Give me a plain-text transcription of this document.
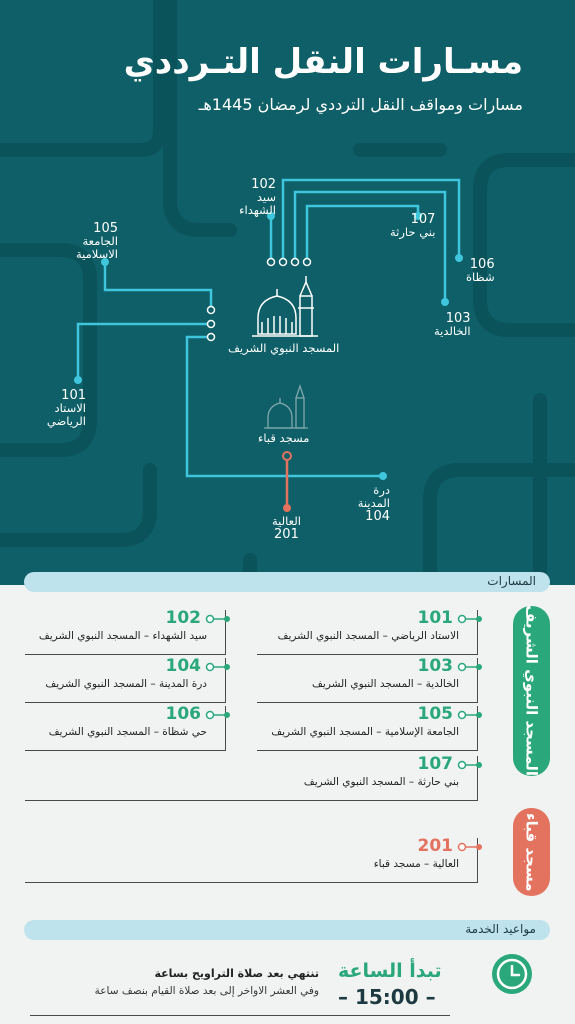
مسـارات النقل التـرددي
مسارات ومواقف النقل الترددي لرمضان 1445هـ
102
سيد الشهداء
107
بني حارثة
105
الجامعة الاسلامية
106
شظاة
103
الخالدية
101
الاستاد الرياضي
درة المدينة
104
العالية
201
المسجد النبوي الشريف
مسجد قباء
المسارات
المسجد النبوي الشريف
مسجد قباء
101
الاستاد الرياضي – المسجد النبوي الشريف
102
سيد الشهداء – المسجد النبوي الشريف
103
الخالدية – المسجد النبوي الشريف
104
درة المدينة – المسجد النبوي الشريف
105
الجامعة الإسلامية – المسجد النبوي الشريف
106
حي شظاة – المسجد النبوي الشريف
107
بني حارثة – المسجد النبوي الشريف
201
العالية – مسجد قباء
مواعيد الخدمة
تبدأ الساعة
– 15:00 –
تنتهي بعد صلاة التراويح بساعة
وفي العشر الاواخر إلى بعد صلاة القيام بنصف ساعة
